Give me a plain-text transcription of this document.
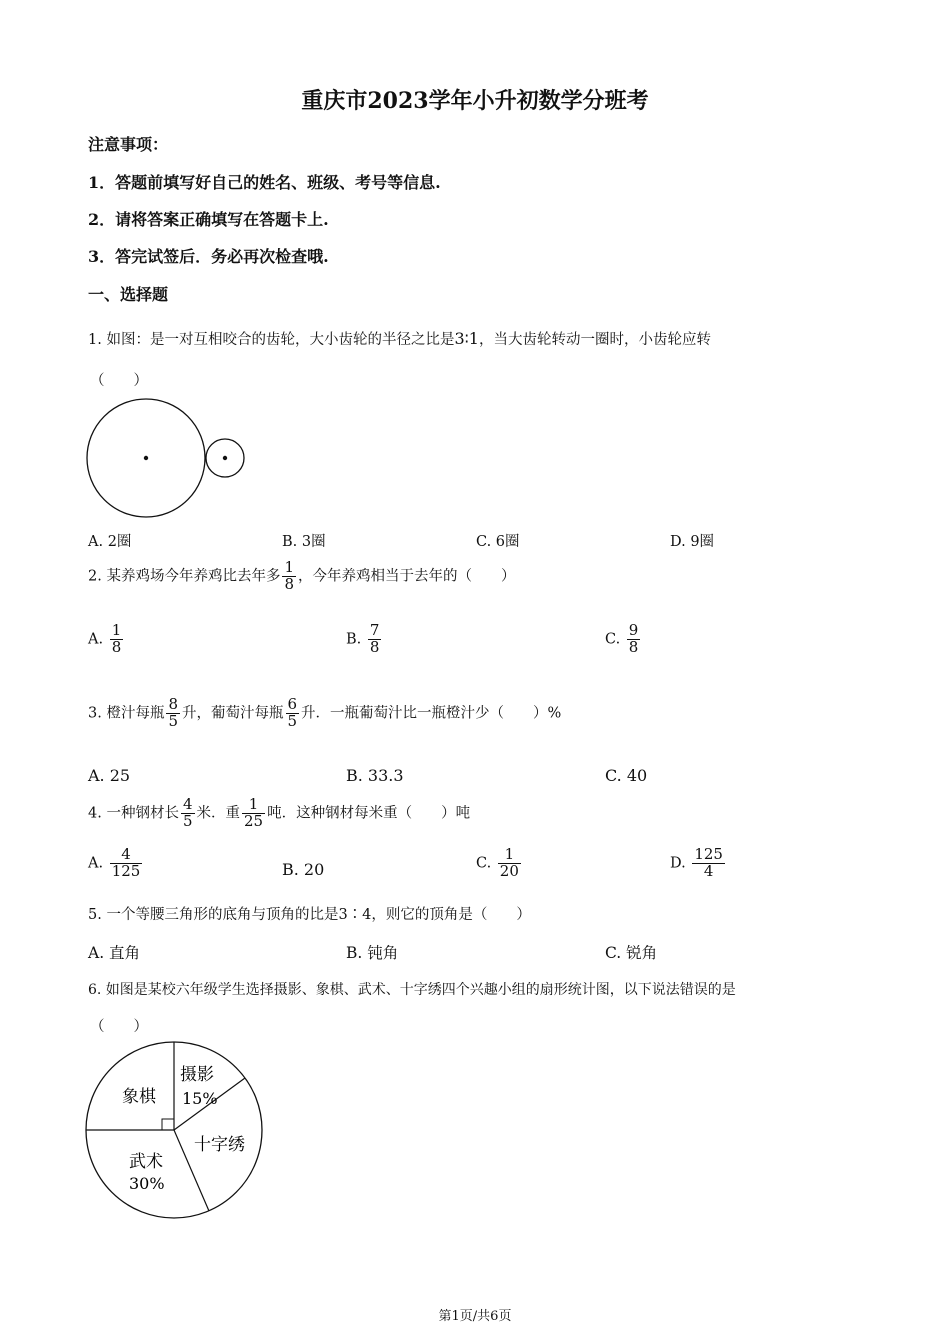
重庆市2023学年小升初数学分班考
注意事项：
1．答题前填写好自己的姓名、班级、考号等信息.
2．请将答案正确填写在答题卡上.
3．答完试签后．务必再次检查哦.
一、选择题
1. 如图：是一对互相咬合的齿轮，大小齿轮的半径之比是3∶1，当大齿轮转动一圈时，小齿轮应转
（　　）
A. 2圈	B. 3圈	C. 6圈	D. 9圈
2. 某养鸡场今年养鸡比去年多 $\frac{1}{8}$ ，今年养鸡相当于去年的（　　）
A. $\frac{1}{8}$	B. $\frac{7}{8}$	C. $\frac{9}{8}$
3. 橙汁每瓶 $\frac{8}{5}$ 升，葡萄汁每瓶 $\frac{6}{5}$ 升．一瓶葡萄汁比一瓶橙汁少（　　）%
A. 25	B. 33.3	C. 40
4. 一种钢材长 $\frac{4}{5}$ 米．重 $\frac{1}{25}$ 吨．这种钢材每米重（　　）吨
A. $\frac{4}{125}$	B. 20	C. $\frac{1}{20}$	D. $\frac{125}{4}$
5. 一个等腰三角形的底角与顶角的比是3∶4，则它的顶角是（　　）
A. 直角	B. 钝角	C. 锐角
6. 如图是某校六年级学生选择摄影、象棋、武术、十字绣四个兴趣小组的扇形统计图，以下说法错误的是
（　　）
象棋
摄影
15%
十字绣
武术
30%
第1页/共6页
